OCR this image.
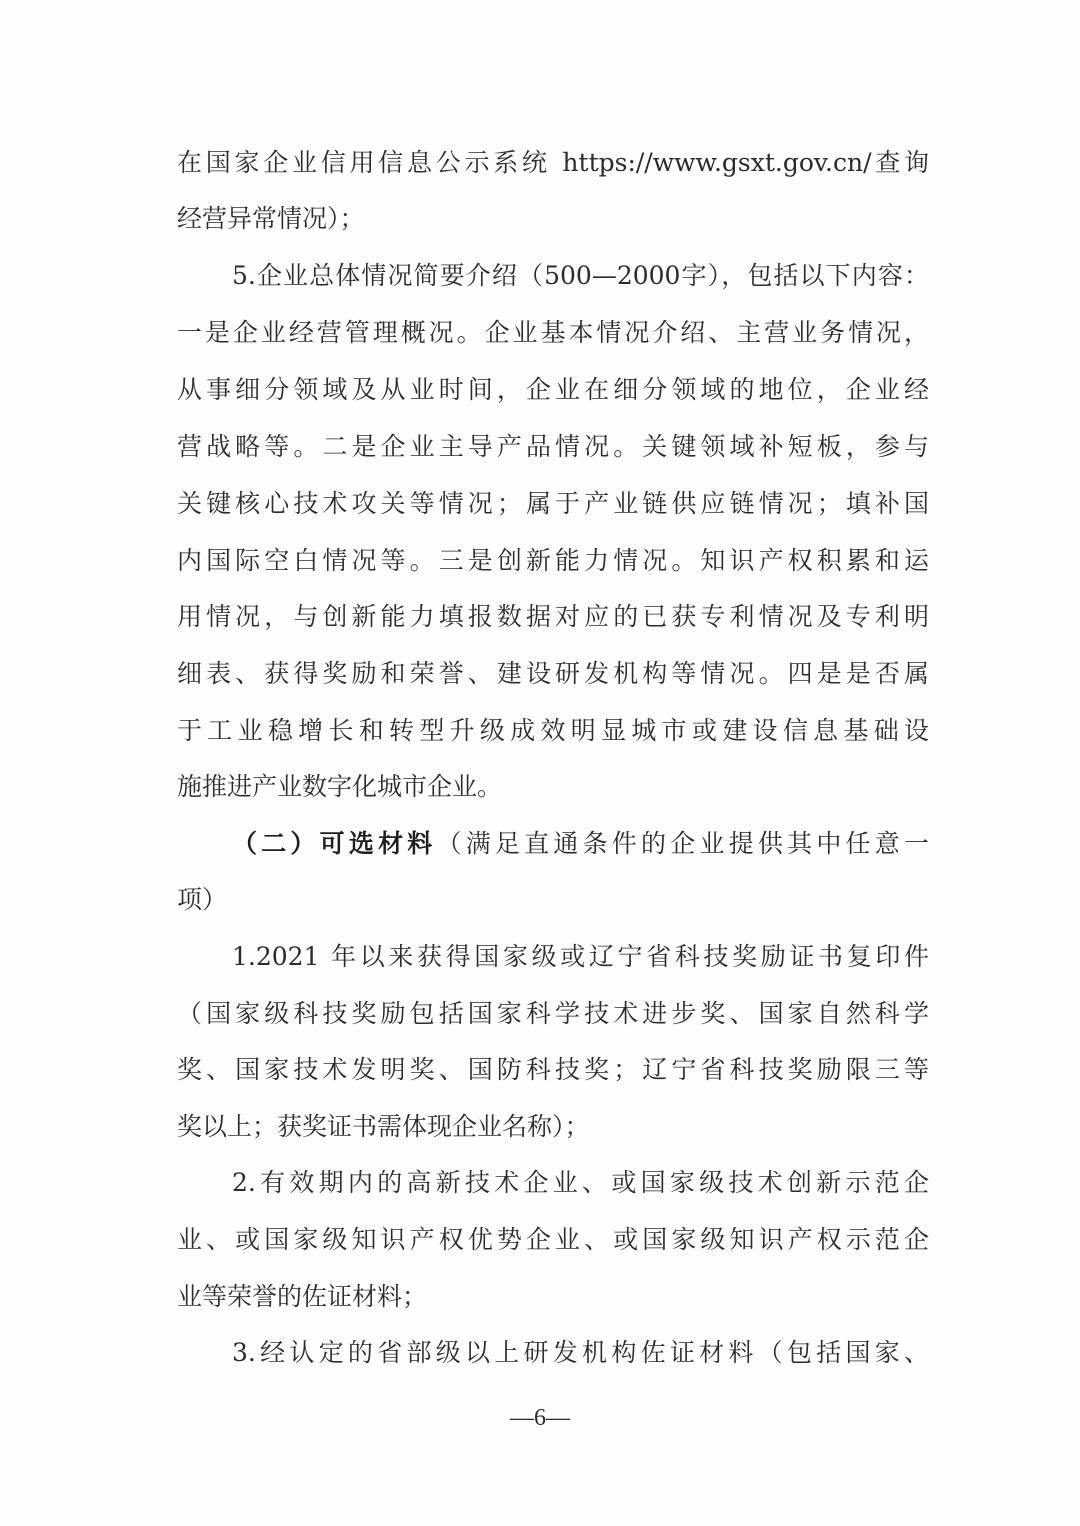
在国家企业信用信息公示系统 https://www.gsxt.gov.cn/查询
经营异常情况）；
5.企业总体情况简要介绍（500—2000字），包括以下内容：
一是企业经营管理概况。企业基本情况介绍、主营业务情况，
从事细分领域及从业时间，企业在细分领域的地位，企业经
营战略等。二是企业主导产品情况。关键领域补短板，参与
关键核心技术攻关等情况；属于产业链供应链情况；填补国
内国际空白情况等。三是创新能力情况。知识产权积累和运
用情况，与创新能力填报数据对应的已获专利情况及专利明
细表、获得奖励和荣誉、建设研发机构等情况。四是是否属
于工业稳增长和转型升级成效明显城市或建设信息基础设
施推进产业数字化城市企业。
（二）可选材料（满足直通条件的企业提供其中任意一
项）
1.2021 年以来获得国家级或辽宁省科技奖励证书复印件
（国家级科技奖励包括国家科学技术进步奖、国家自然科学
奖、国家技术发明奖、国防科技奖；辽宁省科技奖励限三等
奖以上；获奖证书需体现企业名称）；
2.有效期内的高新技术企业、或国家级技术创新示范企
业、或国家级知识产权优势企业、或国家级知识产权示范企
业等荣誉的佐证材料；
3.经认定的省部级以上研发机构佐证材料（包括国家、
—6—
